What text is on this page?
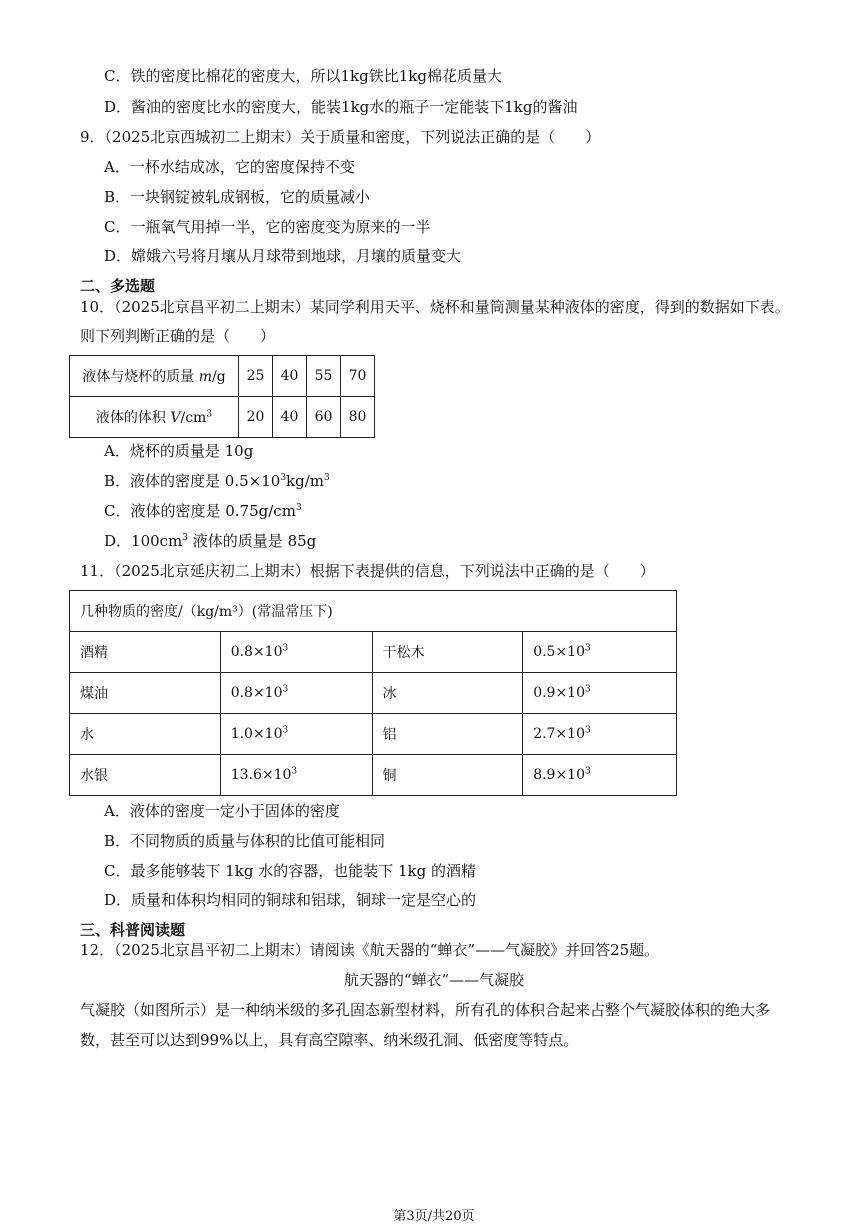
C．铁的密度比棉花的密度大，所以1kg铁比1kg棉花质量大
D．酱油的密度比水的密度大，能装1kg水的瓶子一定能装下1kg的酱油
9．（2025北京西城初二上期末）关于质量和密度，下列说法正确的是（　　）
A．一杯水结成冰，它的密度保持不变
B．一块钢锭被轧成钢板，它的质量减小
C．一瓶氧气用掉一半，它的密度变为原来的一半
D．嫦娥六号将月壤从月球带到地球，月壤的质量变大
二、多选题
10．（2025北京昌平初二上期末）某同学利用天平、烧杯和量筒测量某种液体的密度，得到的数据如下表。
则下列判断正确的是（　　）
液体与烧杯的质量 m/g	25	40	55	70
液体的体积 $V/cm^3$	20	40	60	80
A．烧杯的质量是 10g
B．液体的密度是 $0.5\times 10^3kg/m^3$
C．液体的密度是 $0.75g/cm^3$
D．$100cm^3$ 液体的质量是 85g
11．（2025北京延庆初二上期末）根据下表提供的信息，下列说法中正确的是（　　）
几种物质的密度/（kg/m³）(常温常压下)			
酒精	$0.8\times 10^3$	干松木	$0.5\times 10^3$
煤油	$0.8\times 10^3$	冰	$0.9\times 10^3$
水	$1.0\times 10^3$	铝	$2.7\times 10^3$
水银	$13.6\times 10^3$	铜	$8.9\times 10^3$
A．液体的密度一定小于固体的密度
B．不同物质的质量与体积的比值可能相同
C．最多能够装下 1kg 水的容器，也能装下 1kg 的酒精
D．质量和体积均相同的铜球和铝球，铜球一定是空心的
三、科普阅读题
12．（2025北京昌平初二上期末）请阅读《航天器的“蝉衣”——气凝胶》并回答25题。
航天器的“蝉衣”——气凝胶
气凝胶（如图所示）是一种纳米级的多孔固态新型材料，所有孔的体积合起来占整个气凝胶体积的绝大多
数，甚至可以达到99%以上，具有高空隙率、纳米级孔洞、低密度等特点。
第3页/共20页
